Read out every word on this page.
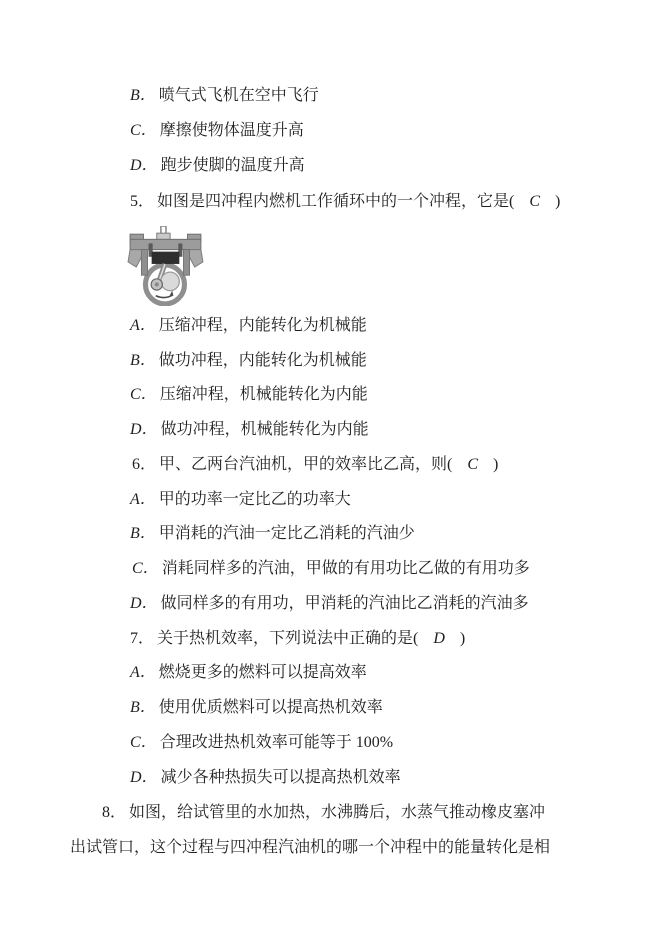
B． 喷气式飞机在空中飞行
C． 摩擦使物体温度升高
D． 跑步使脚的温度升高
5． 如图是四冲程内燃机工作循环中的一个冲程，它是( C )
A． 压缩冲程，内能转化为机械能
B． 做功冲程，内能转化为机械能
C． 压缩冲程，机械能转化为内能
D． 做功冲程，机械能转化为内能
6． 甲、乙两台汽油机，甲的效率比乙高，则( C )
A． 甲的功率一定比乙的功率大
B． 甲消耗的汽油一定比乙消耗的汽油少
C． 消耗同样多的汽油，甲做的有用功比乙做的有用功多
D． 做同样多的有用功，甲消耗的汽油比乙消耗的汽油多
7． 关于热机效率，下列说法中正确的是( D )
A． 燃烧更多的燃料可以提高效率
B． 使用优质燃料可以提高热机效率
C． 合理改进热机效率可能等于 100%
D． 减少各种热损失可以提高热机效率
8． 如图，给试管里的水加热，水沸腾后，水蒸气推动橡皮塞冲
出试管口，这个过程与四冲程汽油机的哪一个冲程中的能量转化是相
